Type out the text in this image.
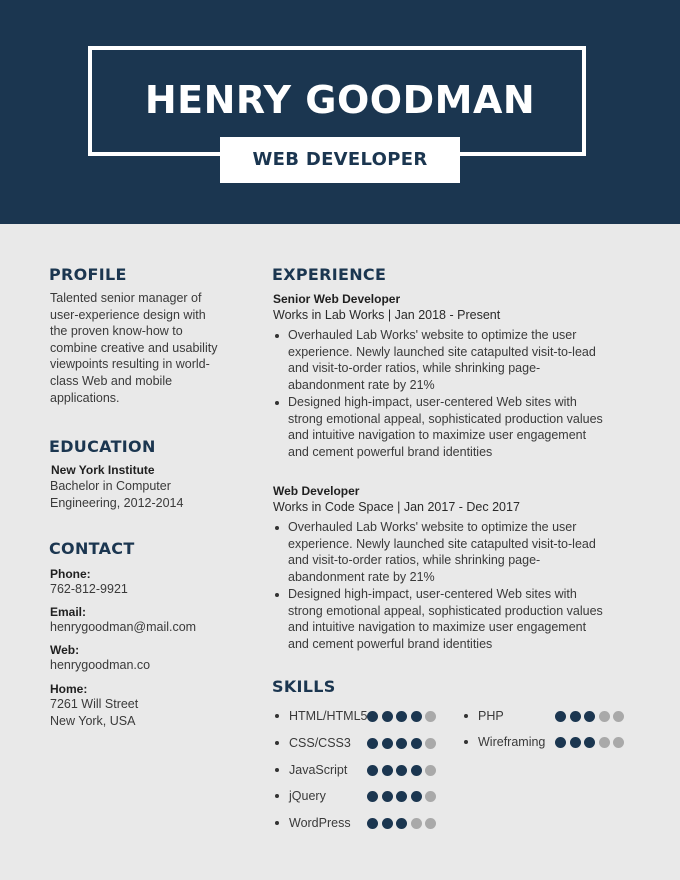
HENRY GOODMAN
WEB DEVELOPER
PROFILE
Talented senior manager of
user-experience design with
the proven know-how to
combine creative and usability
viewpoints resulting in world-
class Web and mobile
applications.
EDUCATION
New York Institute
Bachelor in Computer
Engineering, 2012-2014
CONTACT
Phone:
762-812-9921
Email:
henrygoodman@mail.com
Web:
henrygoodman.co
Home:
7261 Will Street
New York, USA
EXPERIENCE
Senior Web Developer
Works in Lab Works | Jan 2018 - Present
Overhauled Lab Works' website to optimize the user
experience. Newly launched site catapulted visit-to-lead
and visit-to-order ratios, while shrinking page-
abandonment rate by 21%
Designed high-impact, user-centered Web sites with
strong emotional appeal, sophisticated production values
and intuitive navigation to maximize user engagement
and cement powerful brand identities
Web Developer
Works in Code Space | Jan 2017 - Dec 2017
Overhauled Lab Works' website to optimize the user
experience. Newly launched site catapulted visit-to-lead
and visit-to-order ratios, while shrinking page-
abandonment rate by 21%
Designed high-impact, user-centered Web sites with
strong emotional appeal, sophisticated production values
and intuitive navigation to maximize user engagement
and cement powerful brand identities
SKILLS
HTML/HTML5
CSS/CSS3
JavaScript
jQuery
WordPress
PHP
Wireframing
